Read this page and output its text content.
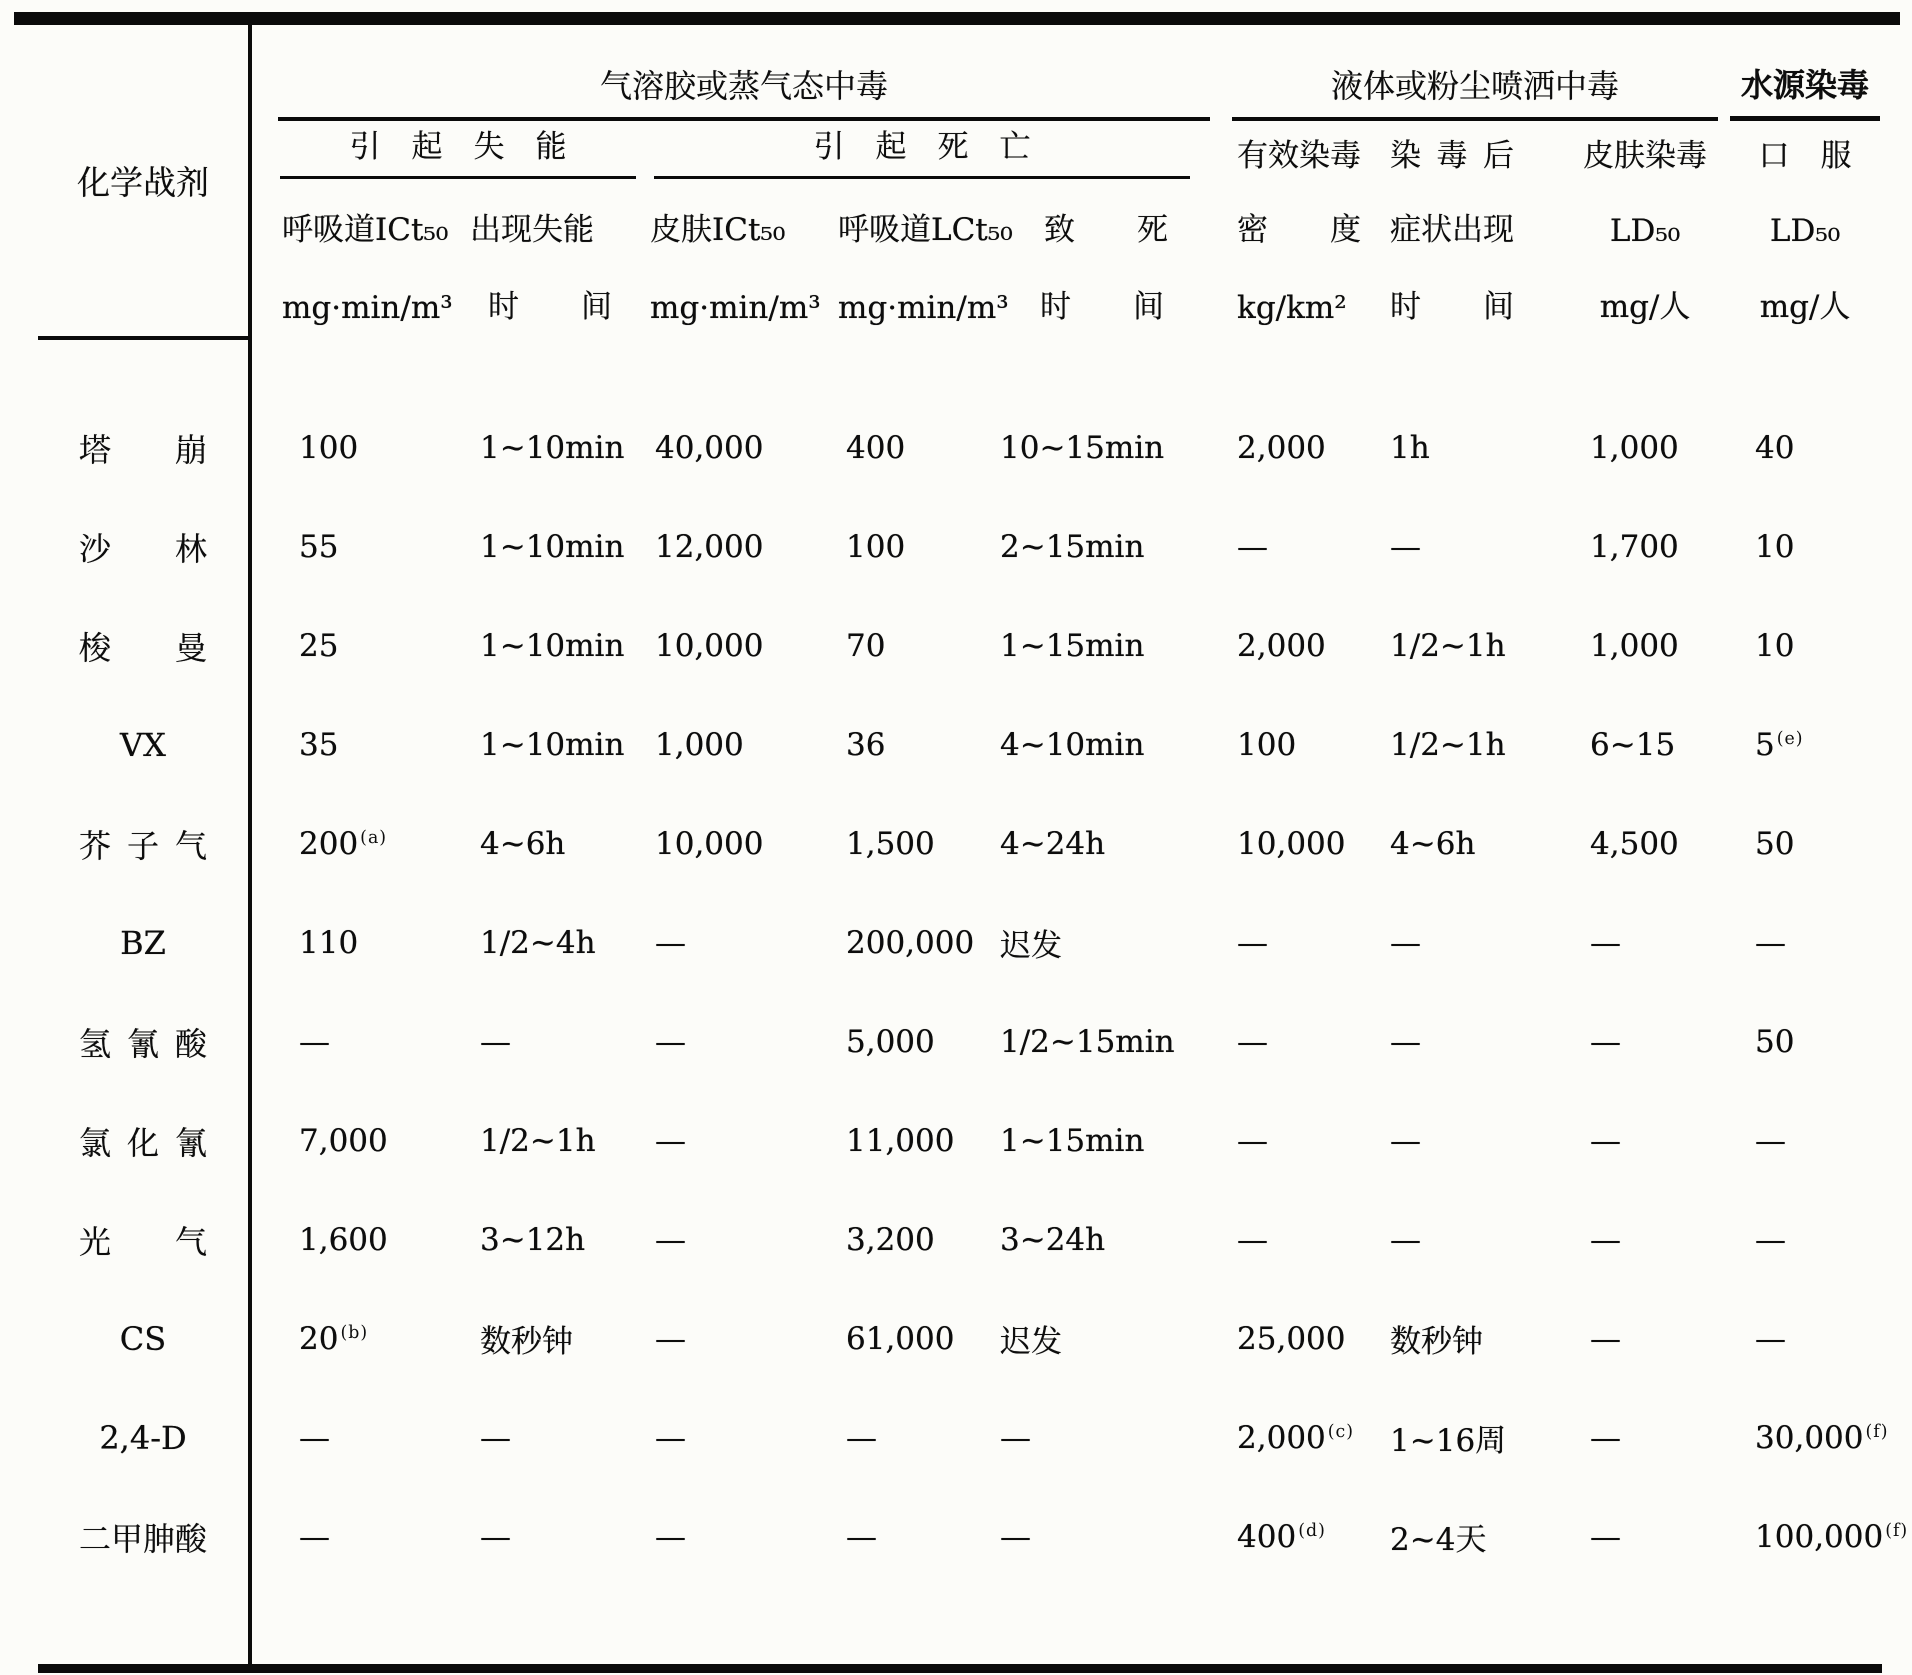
化学战剂	气溶胶或蒸气态中毒					液体或粉尘喷洒中毒			水源染毒

	引 起 失 能		引 起 死 亡			有效染毒	染 毒 后	皮肤染毒	口 服
	呼吸道ICt₅₀	出现失能	皮肤ICt₅₀	呼吸道LCt₅₀	致  死	密  度	症状出现	LD₅₀	LD₅₀
	mg·min/m³	时  间	mg·min/m³	mg·min/m³	时  间	kg/km²	时  间	mg/人	mg/人

塔  崩	100	1~10min	40,000	400	10~15min	2,000	1h	1,000	40
沙  林	55	1~10min	12,000	100	2~15min	—	—	1,700	10
梭  曼	25	1~10min	10,000	70	1~15min	2,000	1/2~1h	1,000	10
VX	35	1~10min	1,000	36	4~10min	100	1/2~1h	6~15	5 $^{(e)}$
芥 子 气	200 $^{(a)}$	4~6h	10,000	1,500	4~24h	10,000	4~6h	4,500	50
BZ	110	1/2~4h	—	200,000	迟发	—	—	—	—
氢 氰 酸	—	—	—	5,000	1/2~15min	—	—	—	50
氯 化 氰	7,000	1/2~1h	—	11,000	1~15min	—	—	—	—
光  气	1,600	3~12h	—	3,200	3~24h	—	—	—	—
CS	20 $^{(b)}$	数秒钟	—	61,000	迟发	25,000	数秒钟	—	—
2,4-D	—	—	—	—	—	2,000 $^{(c)}$	1~16周	—	30,000 $^{(f)}$
二甲胂酸	—	—	—	—	—	400 $^{(d)}$	2~4天	—	100,000 $^{(f)}$
